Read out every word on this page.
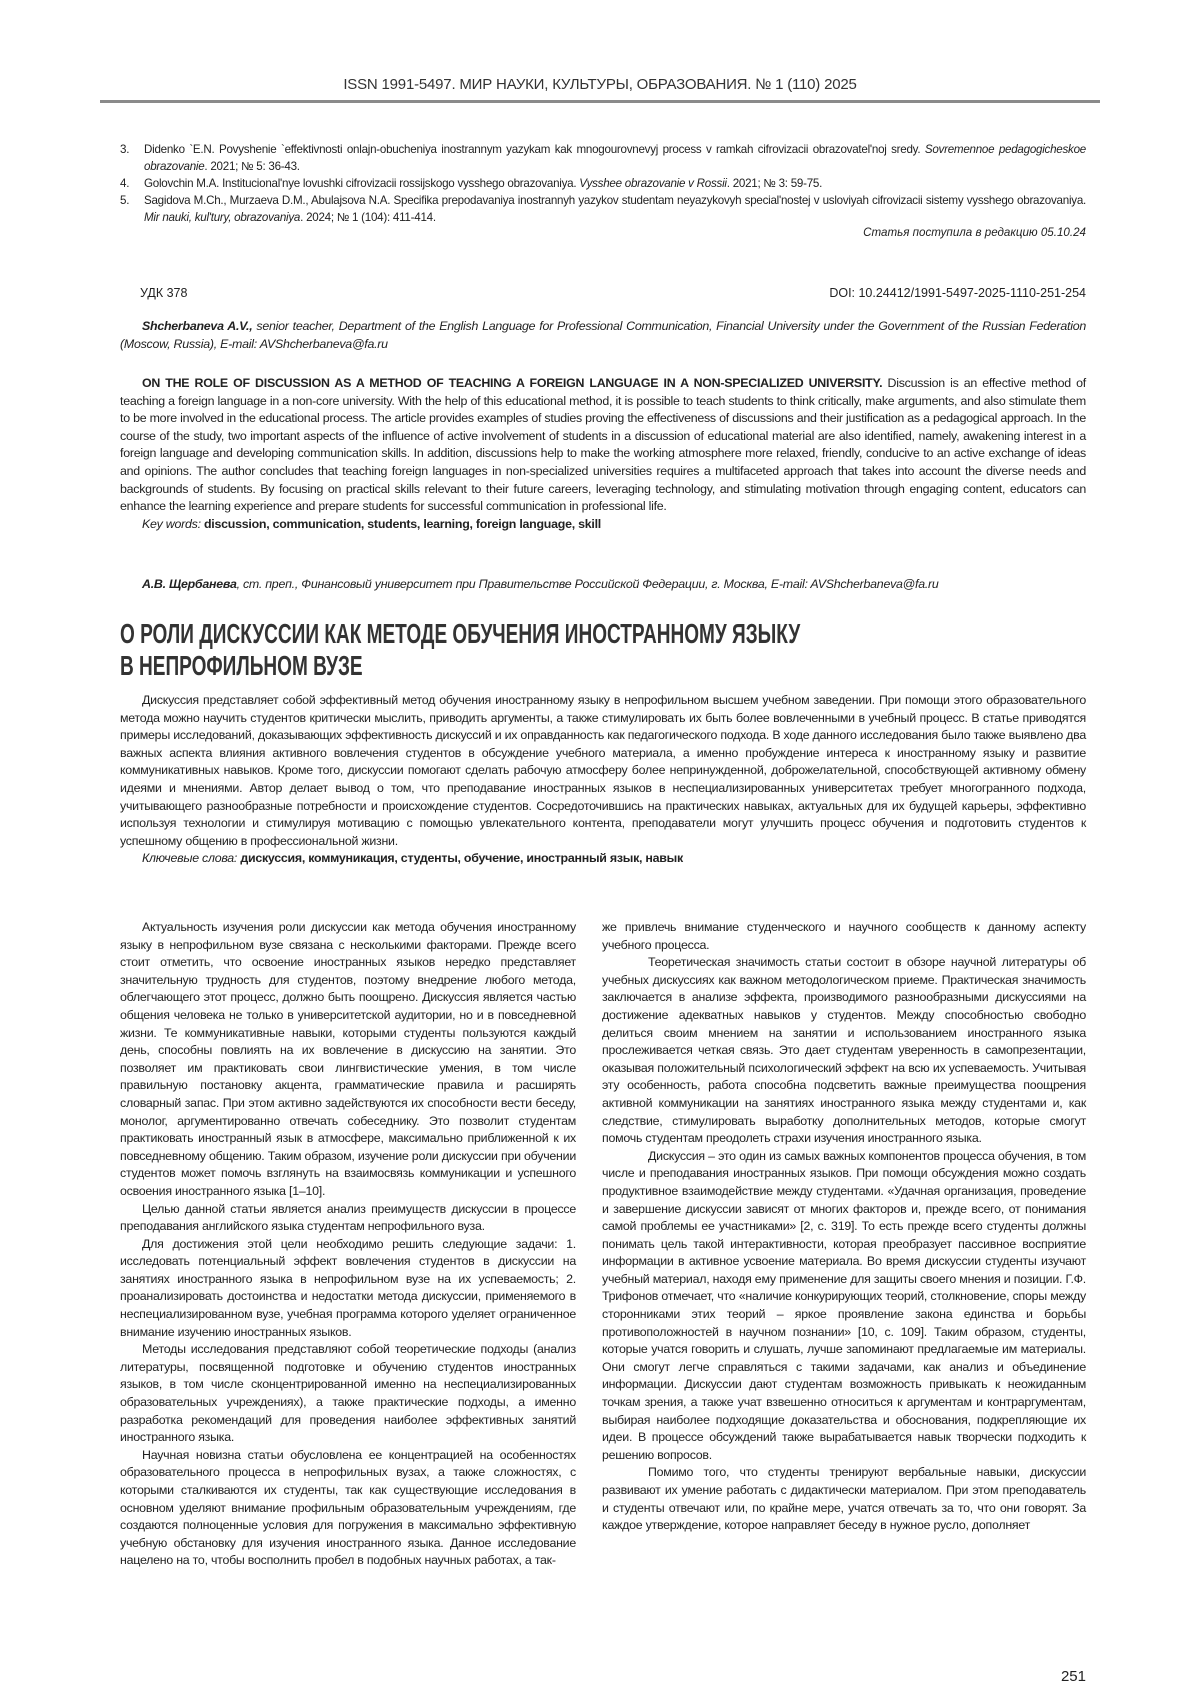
ISSN 1991-5497. МИР НАУКИ, КУЛЬТУРЫ, ОБРАЗОВАНИЯ. № 1 (110) 2025
3.	Didenko `E.N. Povyshenie `effektivnosti onlajn-obucheniya inostrannym yazykam kak mnogourovnevyj process v ramkah cifrovizacii obrazovatel'noj sredy. Sovremennoe pedagogicheskoe obrazovanie. 2021; № 5: 36-43.
4.	Golovchin M.A. Institucional'nye lovushki cifrovizacii rossijskogo vysshego obrazovaniya. Vysshee obrazovanie v Rossii. 2021; № 3: 59-75.
5.	Sagidova M.Ch., Murzaeva D.M., Abulajsova N.A. Specifika prepodavaniya inostrannyh yazykov studentam neyazykovyh special'nostej v usloviyah cifrovizacii sistemy vysshego obrazovaniya. Mir nauki, kul'tury, obrazovaniya. 2024; № 1 (104): 411-414.
Статья поступила в редакцию 05.10.24
УДК 378	DOI: 10.24412/1991-5497-2025-1110-251-254
Shcherbaneva A.V., senior teacher, Department of the English Language for Professional Communication, Financial University under the Government of the Russian Federation (Moscow, Russia), E-mail: AVShcherbaneva@fa.ru

ON THE ROLE OF DISCUSSION AS A METHOD OF TEACHING A FOREIGN LANGUAGE IN A NON-SPECIALIZED UNIVERSITY. Discussion is an effective method of teaching a foreign language in a non-core university. With the help of this educational method, it is possible to teach students to think critically, make arguments, and also stimulate them to be more involved in the educational process. The article provides examples of studies proving the effectiveness of discussions and their justification as a pedagogical approach. In the course of the study, two important aspects of the influence of active involvement of students in a discussion of educational material are also identified, namely, awakening interest in a foreign language and developing communication skills. In addition, discussions help to make the working atmosphere more relaxed, friendly, conducive to an active exchange of ideas and opinions. The author concludes that teaching foreign languages in non-specialized universities requires a multifaceted approach that takes into account the diverse needs and backgrounds of students. By focusing on practical skills relevant to their future careers, leveraging technology, and stimulating motivation through engaging content, educators can enhance the learning experience and prepare students for successful communication in professional life.

Key words: discussion, communication, students, learning, foreign language, skill

А.В. Щербанева, ст. преп., Финансовый университет при Правительстве Российской Федерации, г. Москва, E-mail: AVShcherbaneva@fa.ru
О РОЛИ ДИСКУССИИ КАК МЕТОДЕ ОБУЧЕНИЯ ИНОСТРАННОМУ ЯЗЫКУ
В НЕПРОФИЛЬНОМ ВУЗЕ

Дискуссия представляет собой эффективный метод обучения иностранному языку в непрофильном высшем учебном заведении. При помощи этого образовательного метода можно научить студентов критически мыслить, приводить аргументы, а также стимулировать их быть более вовлеченными в учебный процесс. В статье приводятся примеры исследований, доказывающих эффективность дискуссий и их оправданность как педагогического подхода. В ходе данного исследования было также выявлено два важных аспекта влияния активного вовлечения студентов в обсуждение учебного материала, а именно пробуждение интереса к иностранному языку и развитие коммуникативных навыков. Кроме того, дискуссии помогают сделать рабочую атмосферу более непринужденной, доброжелательной, способствующей активному обмену идеями и мнениями. Автор делает вывод о том, что преподавание иностранных языков в неспециализированных университетах требует многогранного подхода, учитывающего разнообразные потребности и происхождение студентов. Сосредоточившись на практических навыках, актуальных для их будущей карьеры, эффективно используя технологии и стимулируя мотивацию с помощью увлекательного контента, преподаватели могут улучшить процесс обучения и подготовить студентов к успешному общению в профессиональной жизни.

Ключевые слова: дискуссия, коммуникация, студенты, обучение, иностранный язык, навык

Актуальность изучения роли дискуссии как метода обучения иностранному языку в непрофильном вузе связана с несколькими факторами. Прежде всего стоит отметить, что освоение иностранных языков нередко представляет значительную трудность для студентов, поэтому внедрение любого метода, облегчающего этот процесс, должно быть поощрено. Дискуссия является частью общения человека не только в университетской аудитории, но и в повседневной жизни. Те коммуникативные навыки, которыми студенты пользуются каждый день, способны повлиять на их вовлечение в дискуссию на занятии. Это позволяет им практиковать свои лингвистические умения, в том числе правильную постановку акцента, грамматические правила и расширять словарный запас. При этом активно задействуются их способности вести беседу, монолог, аргументированно отвечать собеседнику. Это позволит студентам практиковать иностранный язык в атмосфере, максимально приближенной к их повседневному общению. Таким образом, изучение роли дискуссии при обучении студентов может помочь взглянуть на взаимосвязь коммуникации и успешного освоения иностранного языка [1–10].

Целью данной статьи является анализ преимуществ дискуссии в процессе преподавания английского языка студентам непрофильного вуза.

Для достижения этой цели необходимо решить следующие задачи: 1. исследовать потенциальный эффект вовлечения студентов в дискуссии на занятиях иностранного языка в непрофильном вузе на их успеваемость; 2. проанализировать достоинства и недостатки метода дискуссии, применяемого в неспециализированном вузе, учебная программа которого уделяет ограниченное внимание изучению иностранных языков.

Методы исследования представляют собой теоретические подходы (анализ литературы, посвященной подготовке и обучению студентов иностранных языков, в том числе сконцентрированной именно на неспециализированных образовательных учреждениях), а также практические подходы, а именно разработка рекомендаций для проведения наиболее эффективных занятий иностранного языка.

Научная новизна статьи обусловлена ее концентрацией на особенностях образовательного процесса в непрофильных вузах, а также сложностях, с которыми сталкиваются их студенты, так как существующие исследования в основном уделяют внимание профильным образовательным учреждениям, где создаются полноценные условия для погружения в максимально эффективную учебную обстановку для изучения иностранного языка. Данное исследование нацелено на то, чтобы восполнить пробел в подобных научных работах, а так-

же привлечь внимание студенческого и научного сообществ к данному аспекту учебного процесса.

Теоретическая значимость статьи состоит в обзоре научной литературы об учебных дискуссиях как важном методологическом приеме. Практическая значимость заключается в анализе эффекта, производимого разнообразными дискуссиями на достижение адекватных навыков у студентов. Между способностью свободно делиться своим мнением на занятии и использованием иностранного языка прослеживается четкая связь. Это дает студентам уверенность в самопрезентации, оказывая положительный психологический эффект на всю их успеваемость. Учитывая эту особенность, работа способна подсветить важные преимущества поощрения активной коммуникации на занятиях иностранного языка между студентами и, как следствие, стимулировать выработку дополнительных методов, которые смогут помочь студентам преодолеть страхи изучения иностранного языка.

Дискуссия – это один из самых важных компонентов процесса обучения, в том числе и преподавания иностранных языков. При помощи обсуждения можно создать продуктивное взаимодействие между студентами. «Удачная организация, проведение и завершение дискуссии зависят от многих факторов и, прежде всего, от понимания самой проблемы ее участниками» [2, с. 319]. То есть прежде всего студенты должны понимать цель такой интерактивности, которая преобразует пассивное восприятие информации в активное усвоение материала. Во время дискуссии студенты изучают учебный материал, находя ему применение для защиты своего мнения и позиции. Г.Ф. Трифонов отмечает, что «наличие конкурирующих теорий, столкновение, споры между сторонниками этих теорий – яркое проявление закона единства и борьбы противоположностей в научном познании» [10, с. 109]. Таким образом, студенты, которые учатся говорить и слушать, лучше запоминают предлагаемые им материалы. Они смогут легче справляться с такими задачами, как анализ и объединение информации. Дискуссии дают студентам возможность привыкать к неожиданным точкам зрения, а также учат взвешенно относиться к аргументам и контраргументам, выбирая наиболее подходящие доказательства и обоснования, подкрепляющие их идеи. В процессе обсуждений также вырабатывается навык творчески подходить к решению вопросов.

Помимо того, что студенты тренируют вербальные навыки, дискуссии развивают их умение работать с дидактически материалом. При этом преподаватель и студенты отвечают или, по крайне мере, учатся отвечать за то, что они говорят. За каждое утверждение, которое направляет беседу в нужное русло, дополняет

251
